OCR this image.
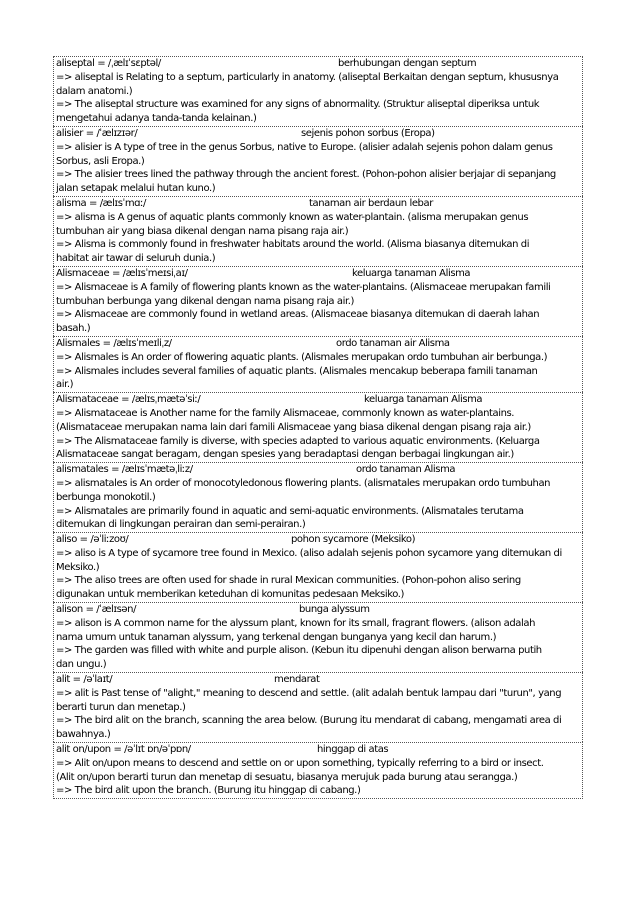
aliseptal = /ˌælɪˈsɛptəl/	berhubungan dengan septum
=> aliseptal is Relating to a septum, particularly in anatomy. (aliseptal Berkaitan dengan septum, khususnya
dalam anatomi.)
=> The aliseptal structure was examined for any signs of abnormality. (Struktur aliseptal diperiksa untuk
mengetahui adanya tanda-tanda kelainan.)
alisier = /ˈælɪzɪər/	sejenis pohon sorbus (Eropa)
=> alisier is A type of tree in the genus Sorbus, native to Europe. (alisier adalah sejenis pohon dalam genus
Sorbus, asli Eropa.)
=> The alisier trees lined the pathway through the ancient forest. (Pohon-pohon alisier berjajar di sepanjang
jalan setapak melalui hutan kuno.)
alisma = /ælɪsˈmɑː/	tanaman air berdaun lebar
=> alisma is A genus of aquatic plants commonly known as water-plantain. (alisma merupakan genus
tumbuhan air yang biasa dikenal dengan nama pisang raja air.)
=> Alisma is commonly found in freshwater habitats around the world. (Alisma biasanya ditemukan di
habitat air tawar di seluruh dunia.)
Alismaceae = /ælɪsˈmeɪsiˌaɪ/	keluarga tanaman Alisma
=> Alismaceae is A family of flowering plants known as the water-plantains. (Alismaceae merupakan famili
tumbuhan berbunga yang dikenal dengan nama pisang raja air.)
=> Alismaceae are commonly found in wetland areas. (Alismaceae biasanya ditemukan di daerah lahan
basah.)
Alismales = /ælɪsˈmeɪliˌz/	ordo tanaman air Alisma
=> Alismales is An order of flowering aquatic plants. (Alismales merupakan ordo tumbuhan air berbunga.)
=> Alismales includes several families of aquatic plants. (Alismales mencakup beberapa famili tanaman
air.)
Alismataceae = /ælɪsˌmætəˈsiː/	keluarga tanaman Alisma
=> Alismataceae is Another name for the family Alismaceae, commonly known as water-plantains.
(Alismataceae merupakan nama lain dari famili Alismaceae yang biasa dikenal dengan pisang raja air.)
=> The Alismataceae family is diverse, with species adapted to various aquatic environments. (Keluarga
Alismataceae sangat beragam, dengan spesies yang beradaptasi dengan berbagai lingkungan air.)
alismatales = /ælɪsˈmætəˌliːz/	ordo tanaman Alisma
=> alismatales is An order of monocotyledonous flowering plants. (alismatales merupakan ordo tumbuhan
berbunga monokotil.)
=> Alismatales are primarily found in aquatic and semi-aquatic environments. (Alismatales terutama
ditemukan di lingkungan perairan dan semi-perairan.)
aliso = /əˈliːzoʊ/	pohon sycamore (Meksiko)
=> aliso is A type of sycamore tree found in Mexico. (aliso adalah sejenis pohon sycamore yang ditemukan di
Meksiko.)
=> The aliso trees are often used for shade in rural Mexican communities. (Pohon-pohon aliso sering
digunakan untuk memberikan keteduhan di komunitas pedesaan Meksiko.)
alison = /ˈælɪsən/	bunga alyssum
=> alison is A common name for the alyssum plant, known for its small, fragrant flowers. (alison adalah
nama umum untuk tanaman alyssum, yang terkenal dengan bunganya yang kecil dan harum.)
=> The garden was filled with white and purple alison. (Kebun itu dipenuhi dengan alison berwarna putih
dan ungu.)
alit = /əˈlaɪt/	mendarat
=> alit is Past tense of "alight," meaning to descend and settle. (alit adalah bentuk lampau dari "turun", yang
berarti turun dan menetap.)
=> The bird alit on the branch, scanning the area below. (Burung itu mendarat di cabang, mengamati area di
bawahnya.)
alit on/upon = /əˈlɪt ɒn/əˈpɒn/	hinggap di atas
=> Alit on/upon means to descend and settle on or upon something, typically referring to a bird or insect.
(Alit on/upon berarti turun dan menetap di sesuatu, biasanya merujuk pada burung atau serangga.)
=> The bird alit upon the branch. (Burung itu hinggap di cabang.)
